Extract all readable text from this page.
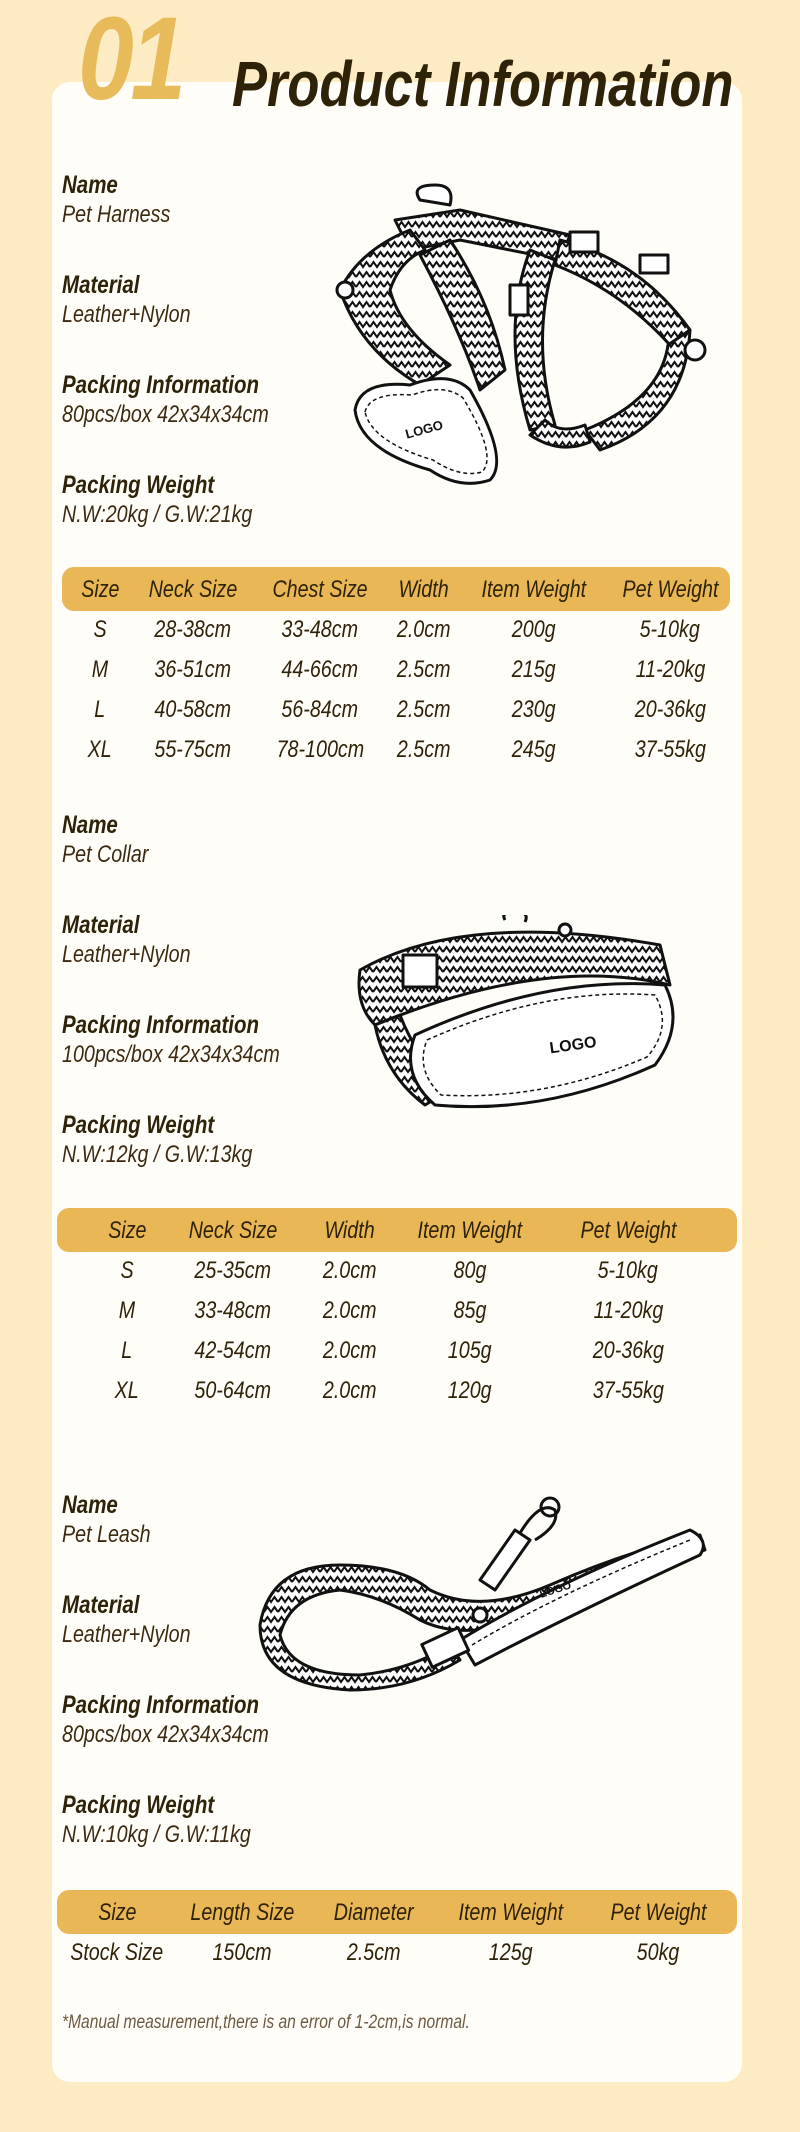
01 Product Information
Name
Pet Harness
Material
Leather+Nylon
Packing Information
80pcs/box 42x34x34cm
Packing Weight
N.W:20kg / G.W:21kg
LOGO
Size	Neck Size	Chest Size	Width	Item Weight	Pet Weight
S	28-38cm	33-48cm	2.0cm	200g	5-10kg
M	36-51cm	44-66cm	2.5cm	215g	11-20kg
L	40-58cm	56-84cm	2.5cm	230g	20-36kg
XL	55-75cm	78-100cm	2.5cm	245g	37-55kg
Name
Pet Collar
Material
Leather+Nylon
Packing Information
100pcs/box 42x34x34cm
Packing Weight
N.W:12kg / G.W:13kg
LOGO
Size	Neck Size	Width	Item Weight	Pet Weight
S	25-35cm	2.0cm	80g	5-10kg
M	33-48cm	2.0cm	85g	11-20kg
L	42-54cm	2.0cm	105g	20-36kg
XL	50-64cm	2.0cm	120g	37-55kg
Name
Pet Leash
Material
Leather+Nylon
Packing Information
80pcs/box 42x34x34cm
Packing Weight
N.W:10kg / G.W:11kg
LOGO
Size	Length Size	Diameter	Item Weight	Pet Weight
Stock Size	150cm	2.5cm	125g	50kg
*Manual measurement,there is an error of 1-2cm,is normal.
